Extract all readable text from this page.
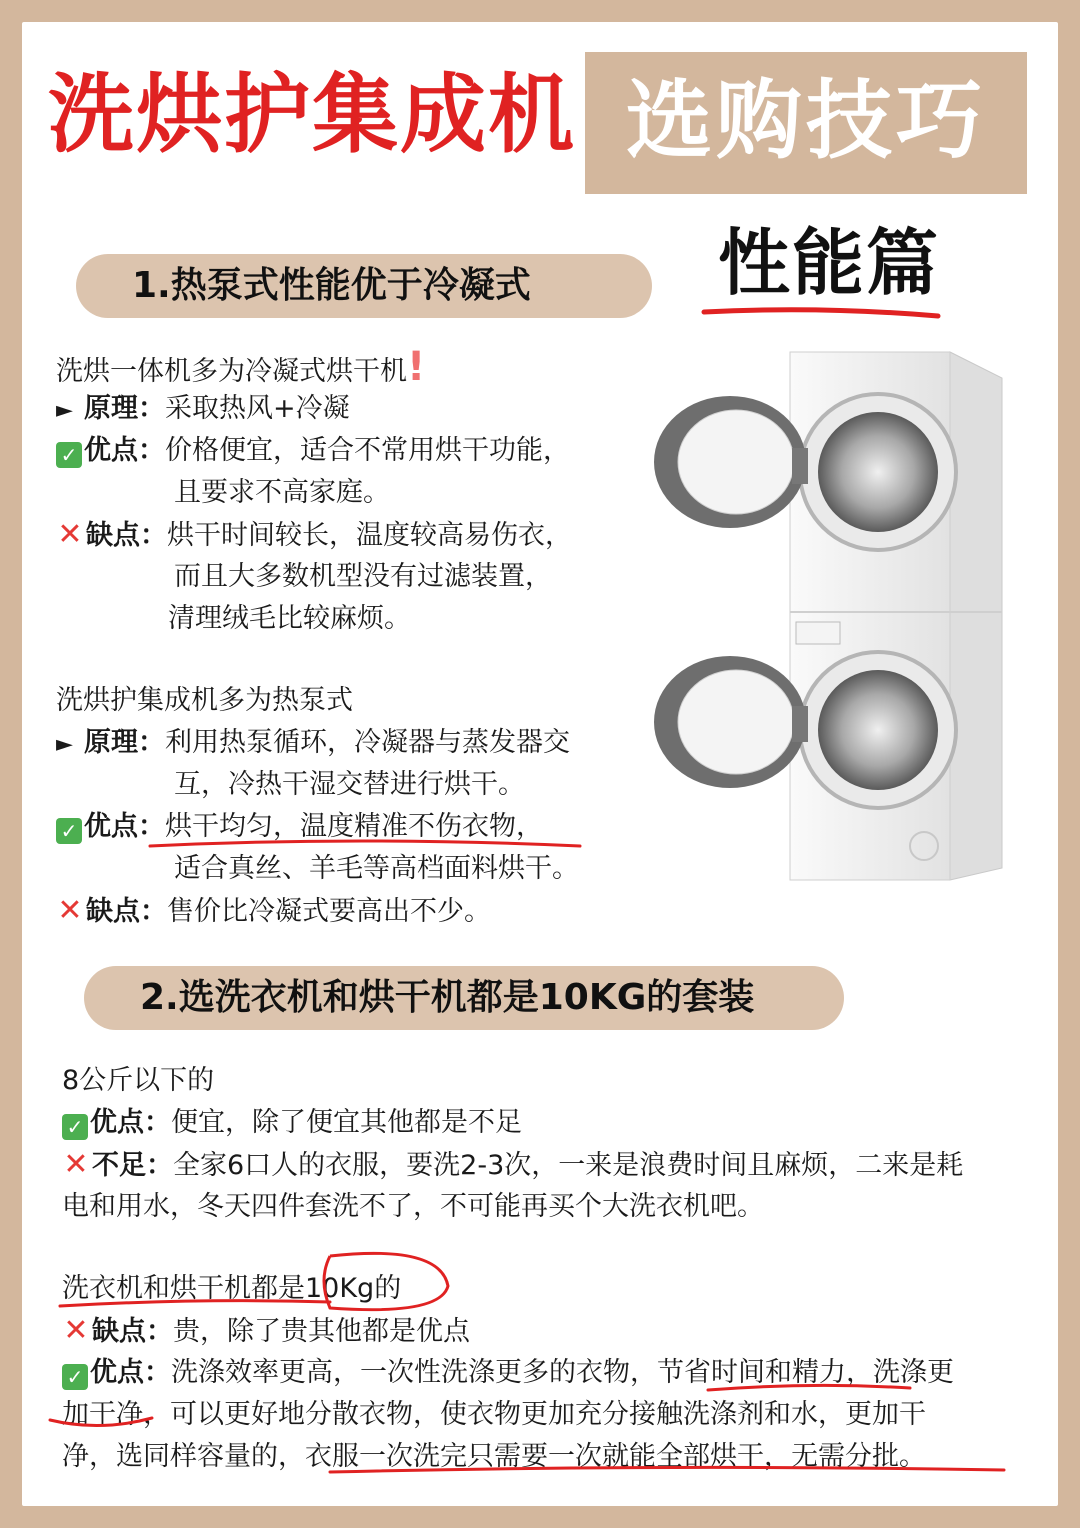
洗烘护集成机 选购技巧
性能篇
1.热泵式性能优于冷凝式
洗烘一体机多为冷凝式烘干机!
► 原理：采取热风+冷凝
✓ 优点：价格便宜，适合不常用烘干功能，
且要求不高家庭。
✕ 缺点：烘干时间较长，温度较高易伤衣，
而且大多数机型没有过滤装置，
清理绒毛比较麻烦。
洗烘护集成机多为热泵式
► 原理：利用热泵循环，冷凝器与蒸发器交
互，冷热干湿交替进行烘干。
✓ 优点：烘干均匀，温度精准不伤衣物，
适合真丝、羊毛等高档面料烘干。
✕ 缺点：售价比冷凝式要高出不少。
2.选洗衣机和烘干机都是10KG的套装
8公斤以下的
✓ 优点：便宜，除了便宜其他都是不足
✕ 不足：全家6口人的衣服，要洗2-3次，一来是浪费时间且麻烦，二来是耗
电和用水，冬天四件套洗不了，不可能再买个大洗衣机吧。
洗衣机和烘干机都是10Kg的
✕ 缺点：贵，除了贵其他都是优点
✓ 优点：洗涤效率更高，一次性洗涤更多的衣物，节省时间和精力，洗涤更
加干净，可以更好地分散衣物，使衣物更加充分接触洗涤剂和水，更加干
净，选同样容量的，衣服一次洗完只需要一次就能全部烘干，无需分批。
